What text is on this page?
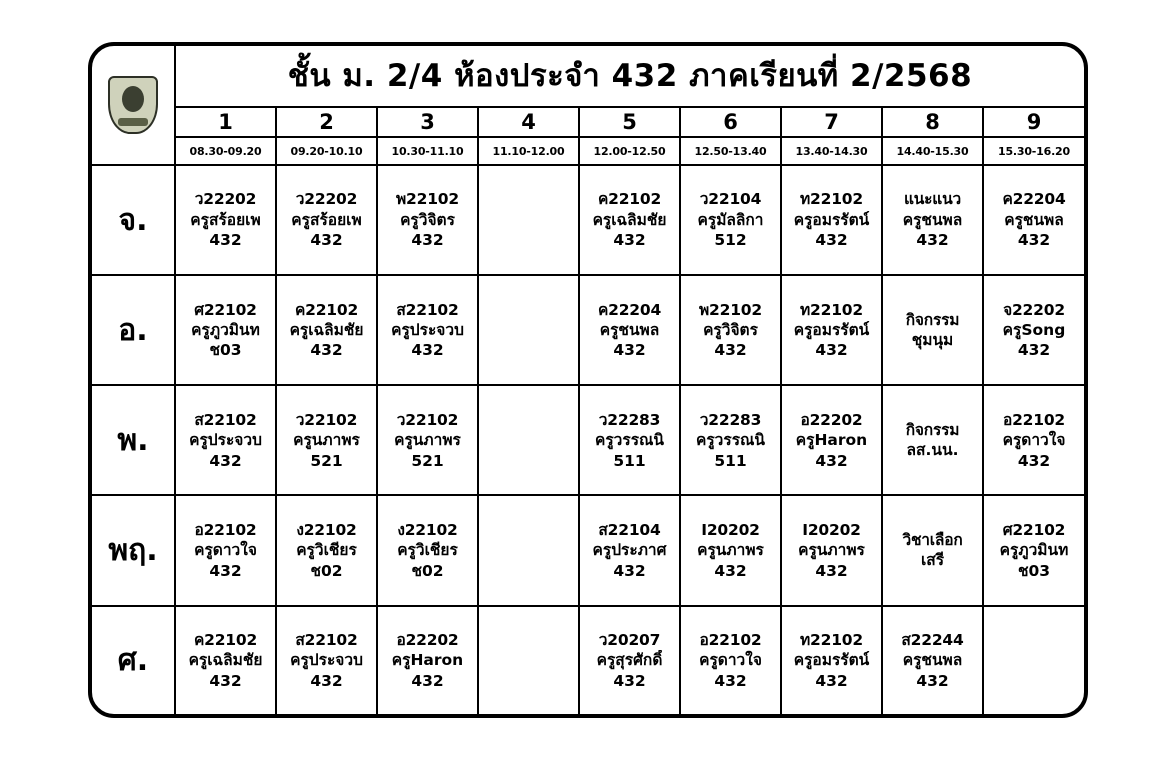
	ชั้น ม. 2/4 ห้องประจำ 432 ภาคเรียนที่ 2/2568								
	1	2	3	4	5	6	7	8	9
	08.30-09.20	09.20-10.10	10.30-11.10	11.10-12.00	12.00-12.50	12.50-13.40	13.40-14.30	14.40-15.30	15.30-16.20
จ.	ว22202
ครูสร้อยเพ
432	ว22202
ครูสร้อยเพ
432	พ22102
ครูวิจิตร
432		ค22102
ครูเฉลิมชัย
432	ว22104
ครูมัลลิกา
512	ท22102
ครูอมรรัตน์
432	แนะแนว
ครูชนพล
432	ค22204
ครูชนพล
432

อ.	ศ22102
ครูภูวมินท
ช03	ค22102
ครูเฉลิมชัย
432	ส22102
ครูประจวบ
432		ค22204
ครูชนพล
432	พ22102
ครูวิจิตร
432	ท22102
ครูอมรรัตน์
432	กิจกรรม
ชุมนุม	จ22202
ครูSong
432

พ.	ส22102
ครูประจวบ
432	ว22102
ครูนภาพร
521	ว22102
ครูนภาพร
521		ว22283
ครูวรรณนิ
511	ว22283
ครูวรรณนิ
511	อ22202
ครูHaron
432	กิจกรรม
ลส.นน.	อ22102
ครูดาวใจ
432

พฤ.	อ22102
ครูดาวใจ
432	ง22102
ครูวิเชียร
ช02	ง22102
ครูวิเชียร
ช02		ส22104
ครูประภาศ
432	I20202
ครูนภาพร
432	I20202
ครูนภาพร
432	วิชาเลือก
เสรี	ศ22102
ครูภูวมินท
ช03

ศ.	ค22102
ครูเฉลิมชัย
432	ส22102
ครูประจวบ
432	อ22202
ครูHaron
432		ว20207
ครูสุรศักดิ์
432	อ22102
ครูดาวใจ
432	ท22102
ครูอมรรัตน์
432	ส22244
ครูชนพล
432	
